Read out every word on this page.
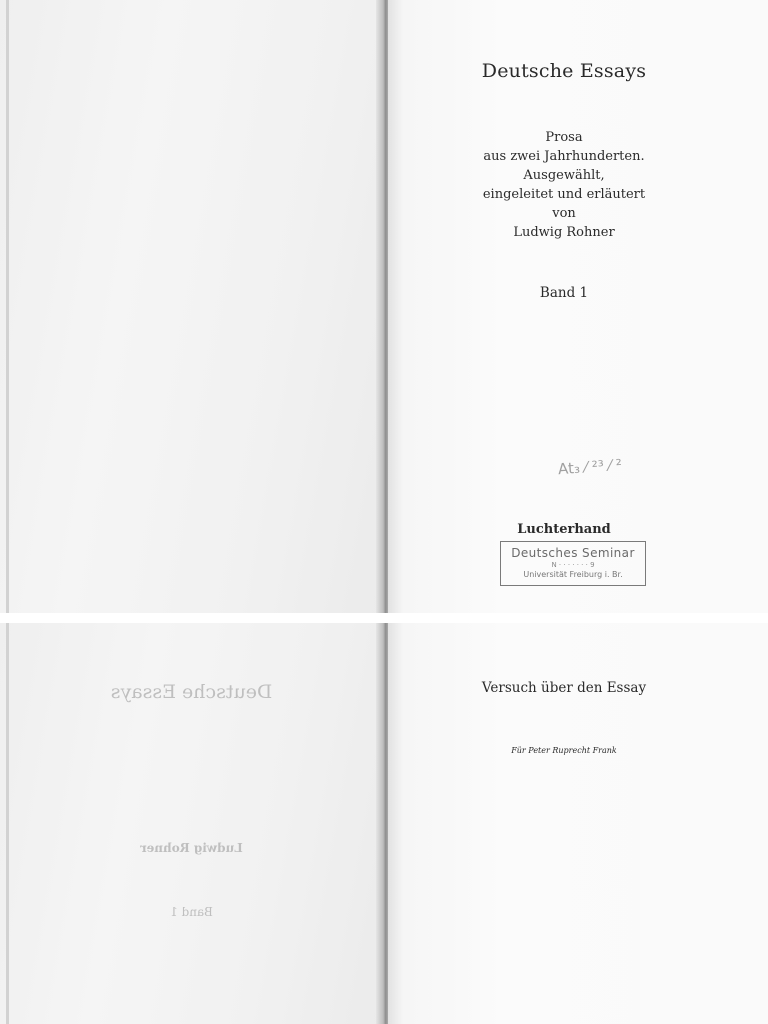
Deutsche Essays
Prosa
aus zwei Jahrhunderten.
Ausgewählt,
eingeleitet und erläutert
von
Ludwig Rohner
Band 1
At₃ ⁄ ²³ ⁄ ²
Luchterhand
Deutsches Seminar
N · · · · · · · 9
Universität Freiburg i. Br.
Deutsche Essays
Ludwig Rohner
Band 1
Versuch über den Essay
Für Peter Ruprecht Frank
